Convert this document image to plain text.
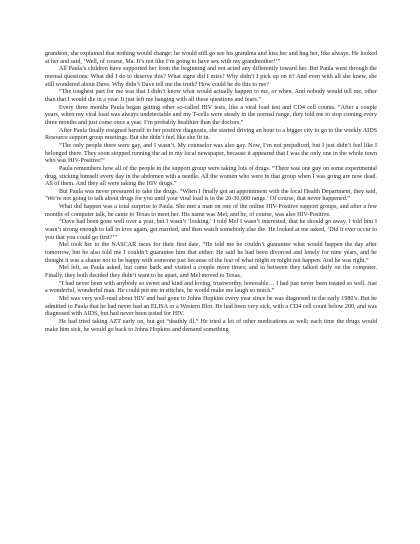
grandson, she explained that nothing would change: he would still go see his grandma and kiss her and hug her, like always. He looked at her and said, ‘Well, of course, Ma. It’s not like I’m going to have sex with my grandmother!’”

All Paula’s children have supported her from the beginning and not acted any differently toward her. But Paula went through the normal questions: What did I do to deserve this? What signs did I miss? Why didn’t I pick up on it? And even with all she knew, she still wondered about Dave. Why didn’t Dave tell me the truth? How could he do this to me?

“The toughest part for me was that I didn’t know what would actually happen to me, or when. And nobody would tell me, other than that I would die in a year. It just left me hanging with all these questions and fears.”

Every three months Paula began getting other so-called HIV tests, like a viral load test and CD4 cell counts. “After a couple years, when my viral load was always undetectable and my T-cells were steady in the normal range, they told me to stop coming every three months and just come once a year. I’m probably healthier than the doctors.”

After Paula finally resigned herself to her positive diagnosis, she started driving an hour to a bigger city to go to the weekly AIDS Resource support group meetings. But she didn’t feel like she fit in.

“The only people there were gay, and I wasn’t. My counselor was also gay. Now, I’m not prejudiced, but I just didn’t feel like I belonged there. They soon stopped running the ad in my local newspaper, because it appeared that I was the only one in the whole town who was HIV-Positive!”

Paula remembers how all of the people in the support group were taking lots of drugs. “There was one guy on some experimental drug, sticking himself every day in the abdomen with a needle. All the women who were in that group when I was going are now dead. All of them. And they all were taking the HIV drugs.”

But Paula was never pressured to take the drugs. “When I finally got an appointment with the local Health Department, they said, ‘We’re not going to talk about drugs for you until your viral load is in the 20-30,000 range.’ Of course, that never happened.”

What did happen was a total surprise to Paula. She met a man on one of the online HIV-Positive support groups, and after a few months of computer talk, he came to Texas to meet her. His name was Mel; and he, of course, was also HIV-Positive.

“Dave had been gone well over a year, but I wasn’t ‘looking.’ I told Mel I wasn’t interested, that he should go away. I told him I wasn’t strong enough to fall in love again, get married, and then watch somebody else die. He looked at me asked, ‘Did it ever occur to you that you could go first?’”

Mel took her to the NASCAR races for their first date. “He told me he couldn’t guarantee what would happen the day after tomorrow, but he also told me I couldn’t guarantee him that either. He said he had been divorced and lonely for nine years, and he thought it was a shame not to be happy with someone just because of the fear of what might or might not happen. And he was right.”

Mel left, as Paula asked, but came back and visited a couple more times; and in between they talked daily on the computer. Finally, they both decided they didn’t want to be apart, and Mel moved to Texas.

“I had never been with anybody so sweet and kind and loving, trustworthy, honorable… I had just never been treated so well. Just a wonderful, wonderful man. He could put me in stitches, he would make me laugh so much.”

Mel was very well-read about HIV and had gone to Johns Hopkins every year since he was diagnosed in the early 1980’s. But he admitted to Paula that he had never had an ELISA or a Western Blot. He had been very sick, with a CD4 cell count below 200, and was diagnosed with AIDS, but had never been tested for HIV.

He had tried taking AZT early on, but got “deathly ill.” He tried a lot of other medications as well; each time the drugs would make him sick, he would go back to Johns Hopkins and demand something
